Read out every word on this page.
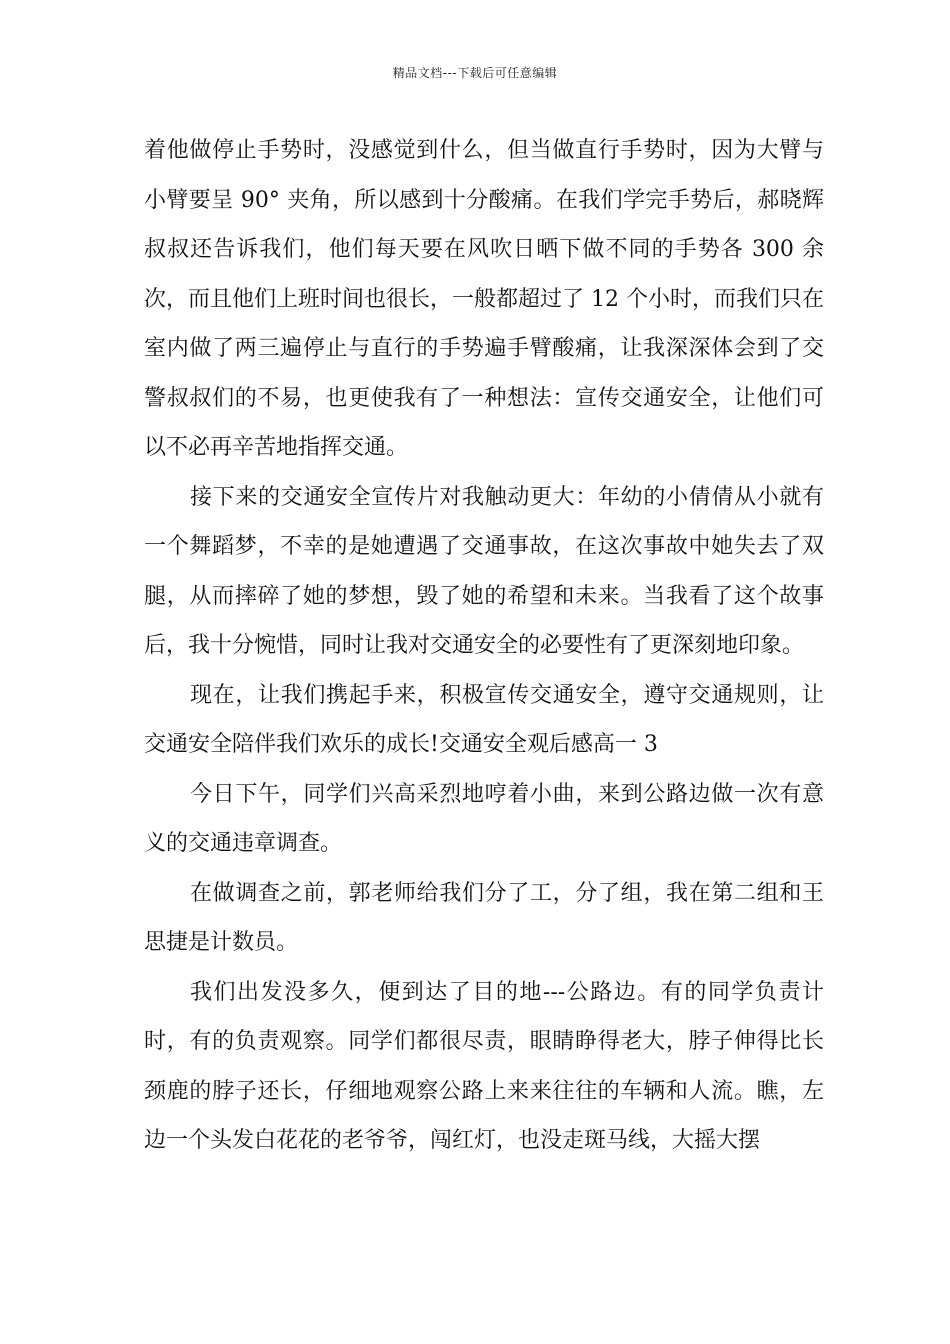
精品文档---下载后可任意编辑

着他做停止手势时，没感觉到什么，但当做直行手势时，因为大臂与小臂要呈 90° 夹角，所以感到十分酸痛。在我们学完手势后，郝晓辉叔叔还告诉我们，他们每天要在风吹日晒下做不同的手势各 300 余次，而且他们上班时间也很长，一般都超过了 12 个小时，而我们只在室内做了两三遍停止与直行的手势遍手臂酸痛，让我深深体会到了交警叔叔们的不易，也更使我有了一种想法：宣传交通安全，让他们可以不必再辛苦地指挥交通。

接下来的交通安全宣传片对我触动更大：年幼的小倩倩从小就有一个舞蹈梦，不幸的是她遭遇了交通事故，在这次事故中她失去了双腿，从而摔碎了她的梦想，毁了她的希望和未来。当我看了这个故事后，我十分惋惜，同时让我对交通安全的必要性有了更深刻地印象。

现在，让我们携起手来，积极宣传交通安全，遵守交通规则，让交通安全陪伴我们欢乐的成长!交通安全观后感高一 3

今日下午，同学们兴高采烈地哼着小曲，来到公路边做一次有意义的交通违章调查。

在做调查之前，郭老师给我们分了工，分了组，我在第二组和王思捷是计数员。

我们出发没多久，便到达了目的地---公路边。有的同学负责计时，有的负责观察。同学们都很尽责，眼睛睁得老大，脖子伸得比长颈鹿的脖子还长，仔细地观察公路上来来往往的车辆和人流。瞧，左边一个头发白花花的老爷爷，闯红灯，也没走斑马线，大摇大摆
